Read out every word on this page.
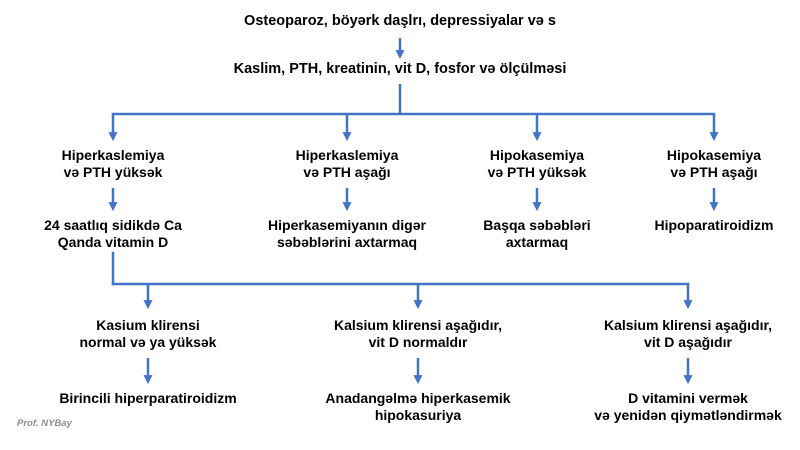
Osteoparoz, böyərk daşlrı, depressiyalar və s
Kaslim, PTH, kreatinin, vit D, fosfor və ölçülməsi
Hiperkaslemiya
və PTH yüksək
Hiperkaslemiya
və PTH aşağı
Hipokasemiya
və PTH yüksək
Hipokasemiya
və PTH aşağı
24 saatlıq sidikdə Ca
Qanda vitamin D
Hiperkasemiyanın digər
səbəblərini axtarmaq
Başqa səbəbləri
axtarmaq
Hipoparatiroidizm
Kasium klirensi
normal və ya yüksək
Kalsium klirensi aşağıdır,
vit D normaldır
Kalsium klirensi aşağıdır,
vit D aşağıdır
Birincili hiperparatiroidizm	Anadangəlmə hiperkasemik
hipokasuriya
D vitamini vermək
və yenidən qiymətləndirmək
Prof. NYBay
